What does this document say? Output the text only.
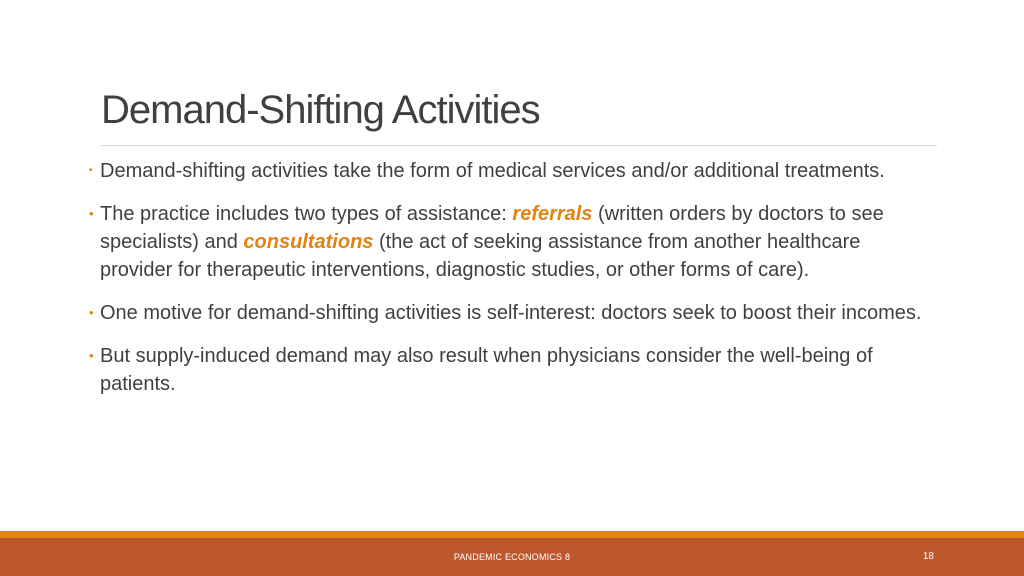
Demand-Shifting Activities
• Demand-shifting activities take the form of medical services and/or additional treatments.
• The practice includes two types of assistance: referrals (written orders by doctors to see specialists) and consultations (the act of seeking assistance from another healthcare provider for therapeutic interventions, diagnostic studies, or other forms of care).
• One motive for demand-shifting activities is self-interest: doctors seek to boost their incomes.
• But supply-induced demand may also result when physicians consider the well-being of patients.
PANDEMIC ECONOMICS 8	18
